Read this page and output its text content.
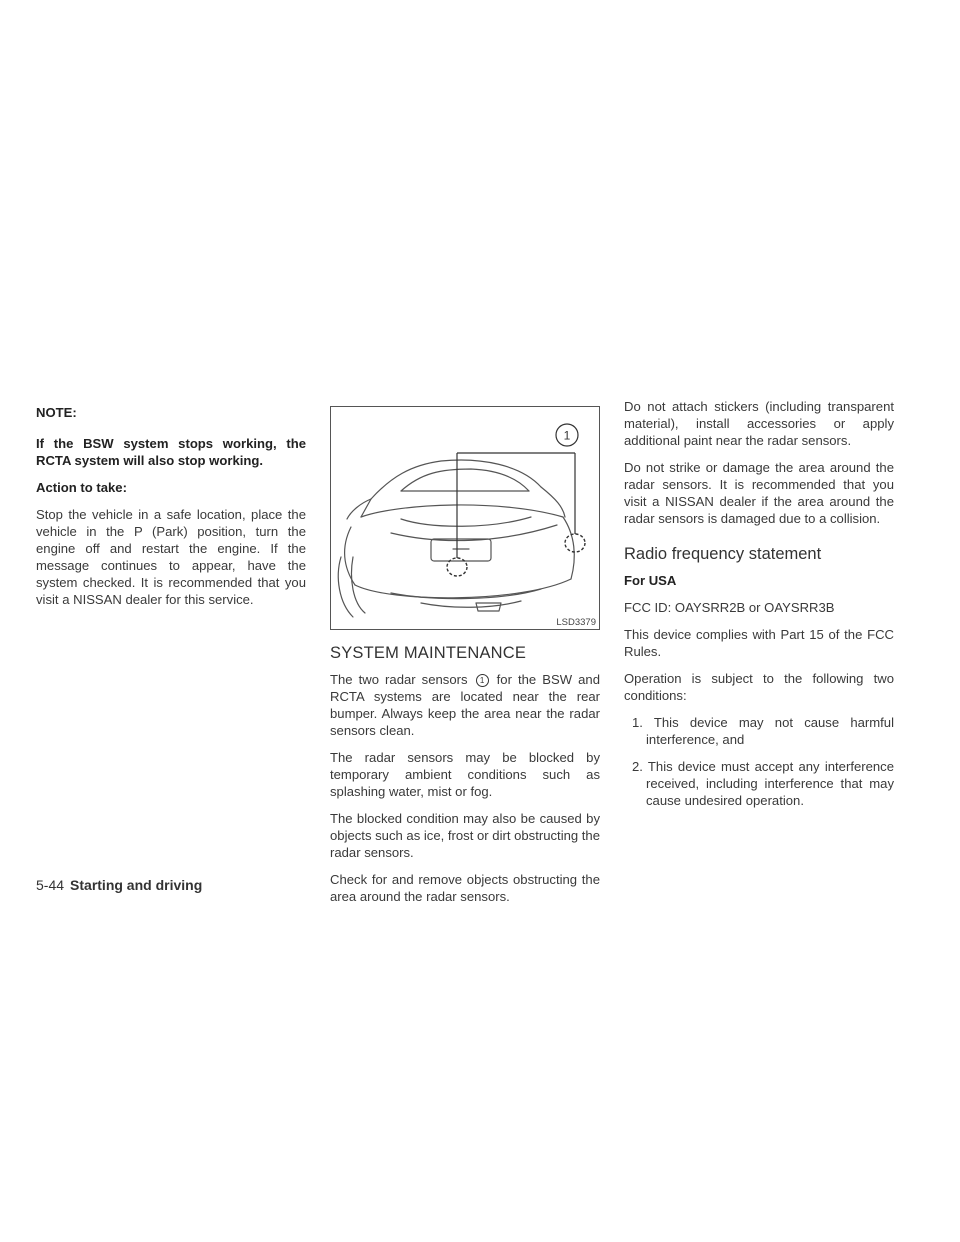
NOTE:

If the BSW system stops working, the RCTA system will also stop working.

Action to take:

Stop the vehicle in a safe location, place the vehicle in the P (Park) position, turn the engine off and restart the engine. If the message continues to appear, have the system checked. It is recommended that you visit a NISSAN dealer for this service.

1
LSD3379
SYSTEM MAINTENANCE

The two radar sensors 1 for the BSW and RCTA systems are located near the rear bumper. Always keep the area near the radar sensors clean.

The radar sensors may be blocked by temporary ambient conditions such as splashing water, mist or fog.

The blocked condition may also be caused by objects such as ice, frost or dirt obstructing the radar sensors.

Check for and remove objects obstructing the area around the radar sensors.

Do not attach stickers (including transparent material), install accessories or apply additional paint near the radar sensors.

Do not strike or damage the area around the radar sensors. It is recommended that you visit a NISSAN dealer if the area around the radar sensors is damaged due to a collision.

Radio frequency statement

For USA

FCC ID: OAYSRR2B or OAYSRR3B

This device complies with Part 15 of the FCC Rules.

Operation is subject to the following two conditions:

1. This device may not cause harmful interference, and
2. This device must accept any interference received, including interference that may cause undesired operation.
5-44 Starting and driving
